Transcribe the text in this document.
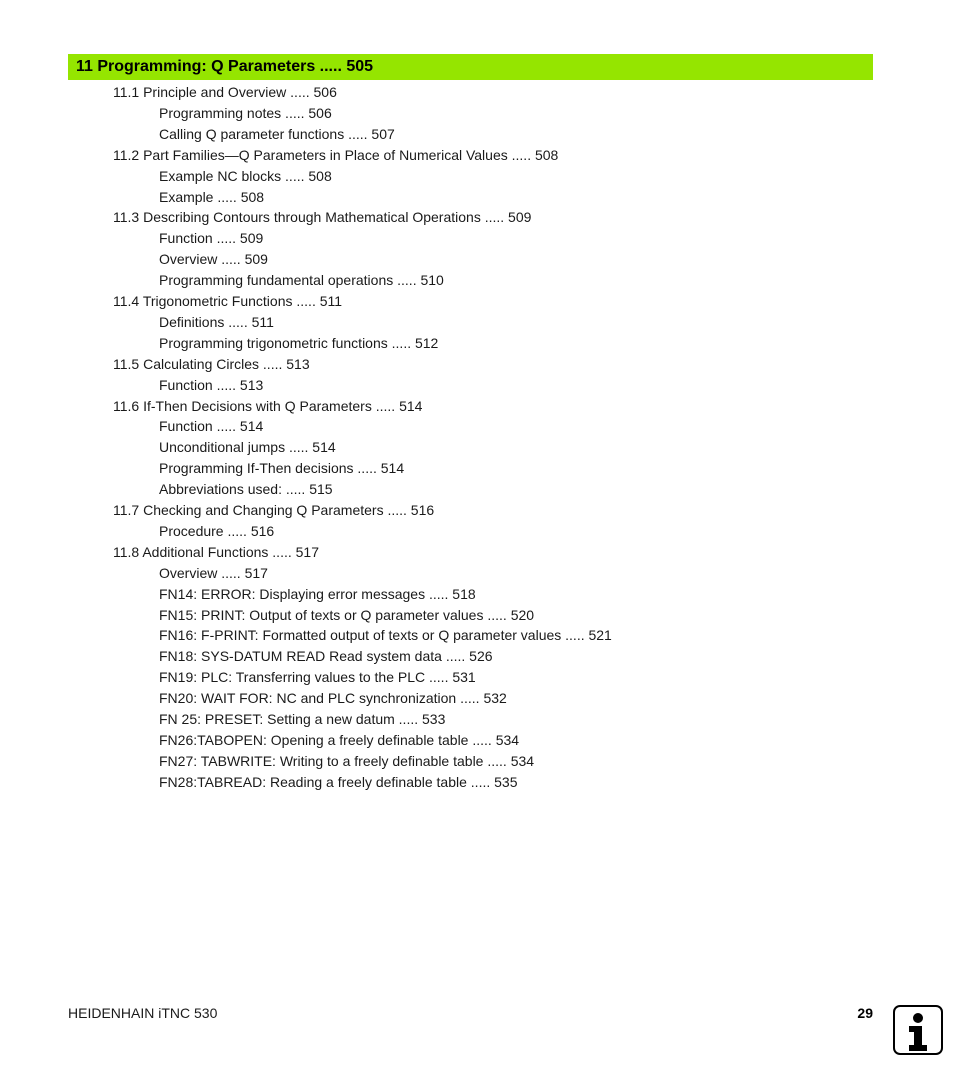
11 Programming: Q Parameters ..... 505
11.1 Principle and Overview ..... 506
Programming notes ..... 506
Calling Q parameter functions ..... 507
11.2 Part Families—Q Parameters in Place of Numerical Values ..... 508
Example NC blocks ..... 508
Example ..... 508
11.3 Describing Contours through Mathematical Operations ..... 509
Function ..... 509
Overview ..... 509
Programming fundamental operations ..... 510
11.4 Trigonometric Functions ..... 511
Definitions ..... 511
Programming trigonometric functions ..... 512
11.5 Calculating Circles ..... 513
Function ..... 513
11.6 If-Then Decisions with Q Parameters ..... 514
Function ..... 514
Unconditional jumps ..... 514
Programming If-Then decisions ..... 514
Abbreviations used: ..... 515
11.7 Checking and Changing Q Parameters ..... 516
Procedure ..... 516
11.8 Additional Functions ..... 517
Overview ..... 517
FN14: ERROR: Displaying error messages ..... 518
FN15: PRINT: Output of texts or Q parameter values ..... 520
FN16: F-PRINT: Formatted output of texts or Q parameter values ..... 521
FN18: SYS-DATUM READ Read system data ..... 526
FN19: PLC: Transferring values to the PLC ..... 531
FN20: WAIT FOR: NC and PLC synchronization ..... 532
FN 25: PRESET: Setting a new datum ..... 533
FN26:TABOPEN: Opening a freely definable table ..... 534
FN27: TABWRITE: Writing to a freely definable table ..... 534
FN28:TABREAD: Reading a freely definable table ..... 535
HEIDENHAIN iTNC 530	29
